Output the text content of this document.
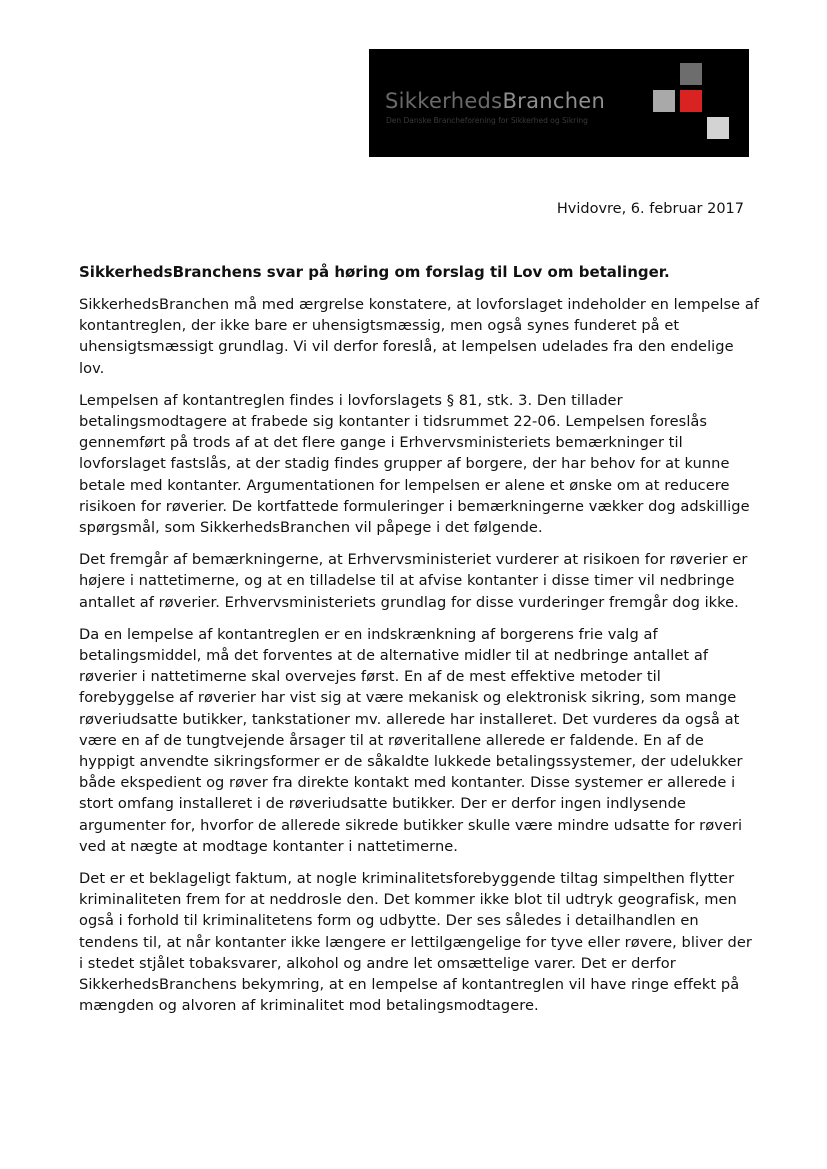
SikkerhedsBranchen
Den Danske Brancheforening for Sikkerhed og Sikring
Hvidovre, 6. februar 2017
SikkerhedsBranchens svar på høring om forslag til Lov om betalinger.

SikkerhedsBranchen må med ærgrelse konstatere, at lovforslaget indeholder en lempelse af kontantreglen, der ikke bare er uhensigtsmæssig, men også synes funderet på et uhensigtsmæssigt grundlag. Vi vil derfor foreslå, at lempelsen udelades fra den endelige lov.

Lempelsen af kontantreglen findes i lovforslagets § 81, stk. 3. Den tillader betalingsmodtagere at frabede sig kontanter i tidsrummet 22-06. Lempelsen foreslås gennemført på trods af at det flere gange i Erhvervsministeriets bemærkninger til lovforslaget fastslås, at der stadig findes grupper af borgere, der har behov for at kunne betale med kontanter. Argumentationen for lempelsen er alene et ønske om at reducere risikoen for røverier. De kortfattede formuleringer i bemærkningerne vækker dog adskillige spørgsmål, som SikkerhedsBranchen vil påpege i det følgende.

Det fremgår af bemærkningerne, at Erhvervsministeriet vurderer at risikoen for røverier er højere i nattetimerne, og at en tilladelse til at afvise kontanter i disse timer vil nedbringe antallet af røverier. Erhvervsministeriets grundlag for disse vurderinger fremgår dog ikke.

Da en lempelse af kontantreglen er en indskrænkning af borgerens frie valg af betalingsmiddel, må det forventes at de alternative midler til at nedbringe antallet af røverier i nattetimerne skal overvejes først. En af de mest effektive metoder til forebyggelse af røverier har vist sig at være mekanisk og elektronisk sikring, som mange røveriudsatte butikker, tankstationer mv. allerede har installeret. Det vurderes da også at være en af de tungtvejende årsager til at røveritallene allerede er faldende. En af de hyppigt anvendte sikringsformer er de såkaldte lukkede betalingssystemer, der udelukker både ekspedient og røver fra direkte kontakt med kontanter. Disse systemer er allerede i stort omfang installeret i de røveriudsatte butikker. Der er derfor ingen indlysende argumenter for, hvorfor de allerede sikrede butikker skulle være mindre udsatte for røveri ved at nægte at modtage kontanter i nattetimerne.

Det er et beklageligt faktum, at nogle kriminalitetsforebyggende tiltag simpelthen flytter kriminaliteten frem for at neddrosle den. Det kommer ikke blot til udtryk geografisk, men også i forhold til kriminalitetens form og udbytte. Der ses således i detailhandlen en tendens til, at når kontanter ikke længere er lettilgængelige for tyve eller røvere, bliver der i stedet stjålet tobaksvarer, alkohol og andre let omsættelige varer. Det er derfor SikkerhedsBranchens bekymring, at en lempelse af kontantreglen vil have ringe effekt på mængden og alvoren af kriminalitet mod betalingsmodtagere.
